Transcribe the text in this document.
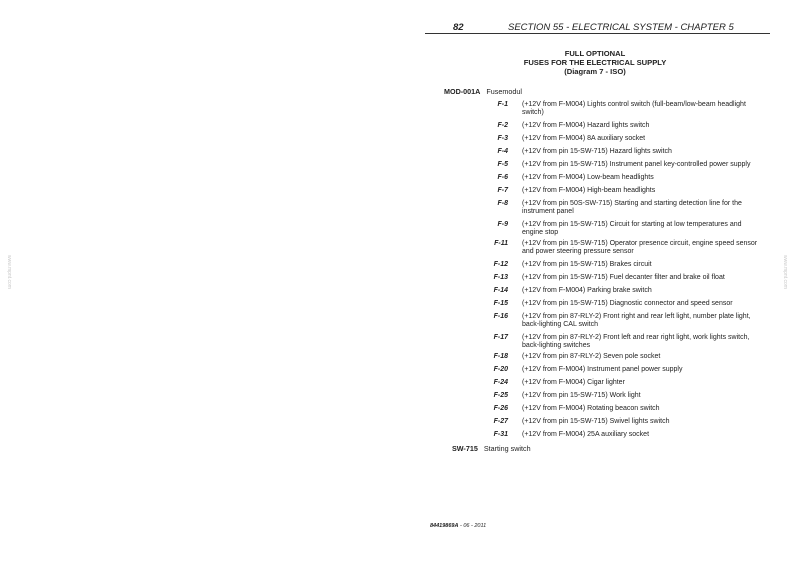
82	SECTION 55 - ELECTRICAL SYSTEM - CHAPTER 5
FULL OPTIONAL
FUSES FOR THE ELECTRICAL SUPPLY
(Diagram 7 - ISO)
MOD-001A Fusemodul
F-1 (+12V from F-M004) Lights control switch (full-beam/low-beam headlight switch)
F-2 (+12V from F-M004) Hazard lights switch
F-3 (+12V from F-M004) 8A auxiliary socket
F-4 (+12V from pin 15-SW-715) Hazard lights switch
F-5 (+12V from pin 15-SW-715) Instrument panel key-controlled power supply
F-6 (+12V from F-M004) Low-beam headlights
F-7 (+12V from F-M004) High-beam headlights
F-8 (+12V from pin 50S-SW-715) Starting and starting detection line for the instrument panel
F-9 (+12V from pin 15-SW-715) Circuit for starting at low temperatures and engine stop
F-11 (+12V from pin 15-SW-715) Operator presence circuit, engine speed sensor and power steering pressure sensor
F-12 (+12V from pin 15-SW-715) Brakes circuit
F-13 (+12V from pin 15-SW-715) Fuel decanter filter and brake oil float
F-14 (+12V from F-M004) Parking brake switch
F-15 (+12V from pin 15-SW-715) Diagnostic connector and speed sensor
F-16 (+12V from pin 87-RLY-2) Front right and rear left light, number plate light, back-lighting CAL switch
F-17 (+12V from pin 87-RLY-2) Front left and rear right light, work lights switch, back-lighting switches
F-18 (+12V from pin 87-RLY-2) Seven pole socket
F-20 (+12V from F-M004) Instrument panel power supply
F-24 (+12V from F-M004) Cigar lighter
F-25 (+12V from pin 15-SW-715) Work light
F-26 (+12V from F-M004) Rotating beacon switch
F-27 (+12V from pin 15-SW-715) Swivel lights switch
F-31 (+12V from F-M004) 25A auxiliary socket
SW-715 Starting switch
84419869A - 06 - 2011
www.mpnt.com	www.mpnt.com
